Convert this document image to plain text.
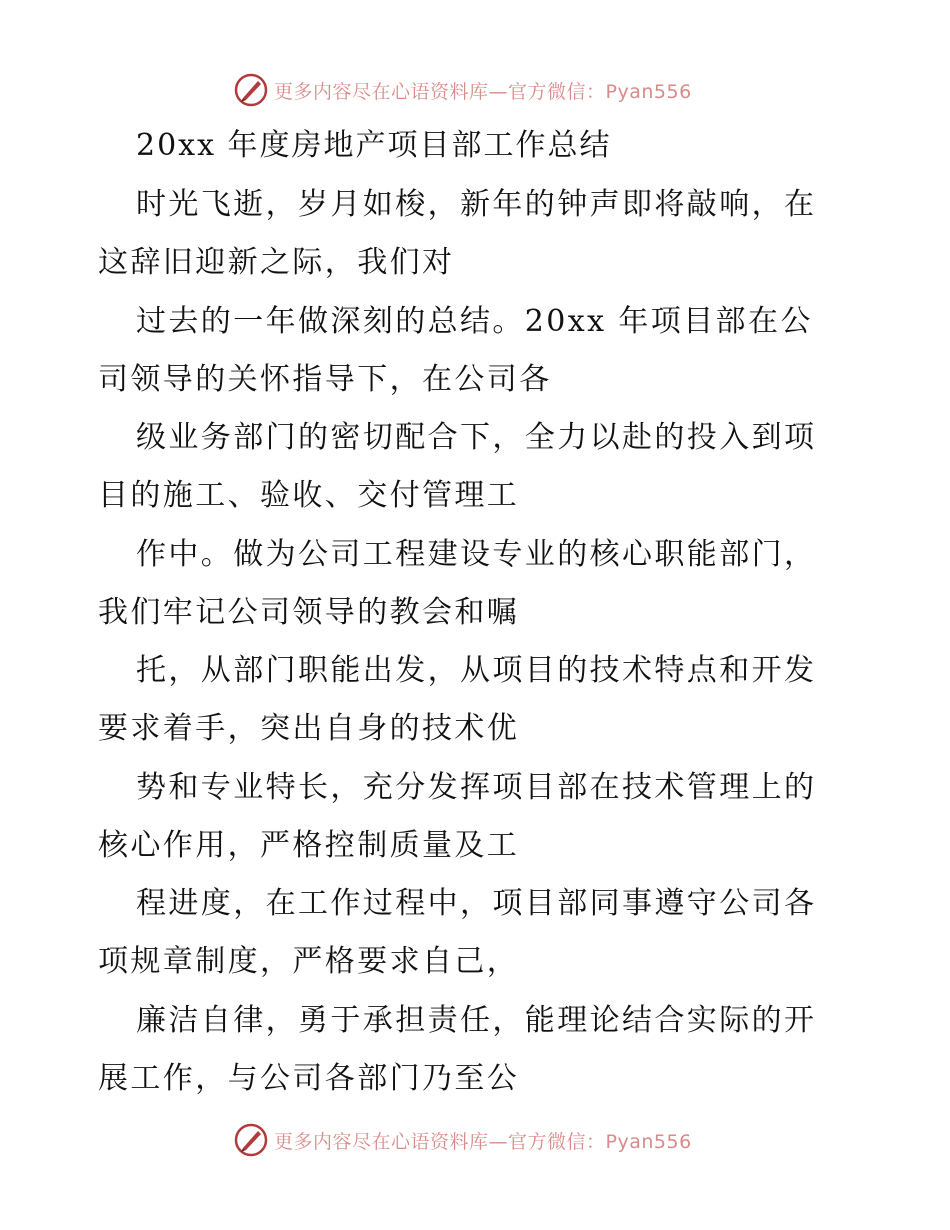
更多内容尽在心语资料库—官方微信：Pyan556
20xx 年度房地产项目部工作总结
时光飞逝，岁月如梭，新年的钟声即将敲响，在
这辞旧迎新之际，我们对
过去的一年做深刻的总结。20xx 年项目部在公
司领导的关怀指导下，在公司各
级业务部门的密切配合下，全力以赴的投入到项
目的施工、验收、交付管理工
作中。做为公司工程建设专业的核心职能部门，
我们牢记公司领导的教会和嘱
托，从部门职能出发，从项目的技术特点和开发
要求着手，突出自身的技术优
势和专业特长，充分发挥项目部在技术管理上的
核心作用，严格控制质量及工
程进度，在工作过程中，项目部同事遵守公司各
项规章制度，严格要求自己，
廉洁自律，勇于承担责任，能理论结合实际的开
展工作，与公司各部门乃至公
更多内容尽在心语资料库—官方微信：Pyan556
